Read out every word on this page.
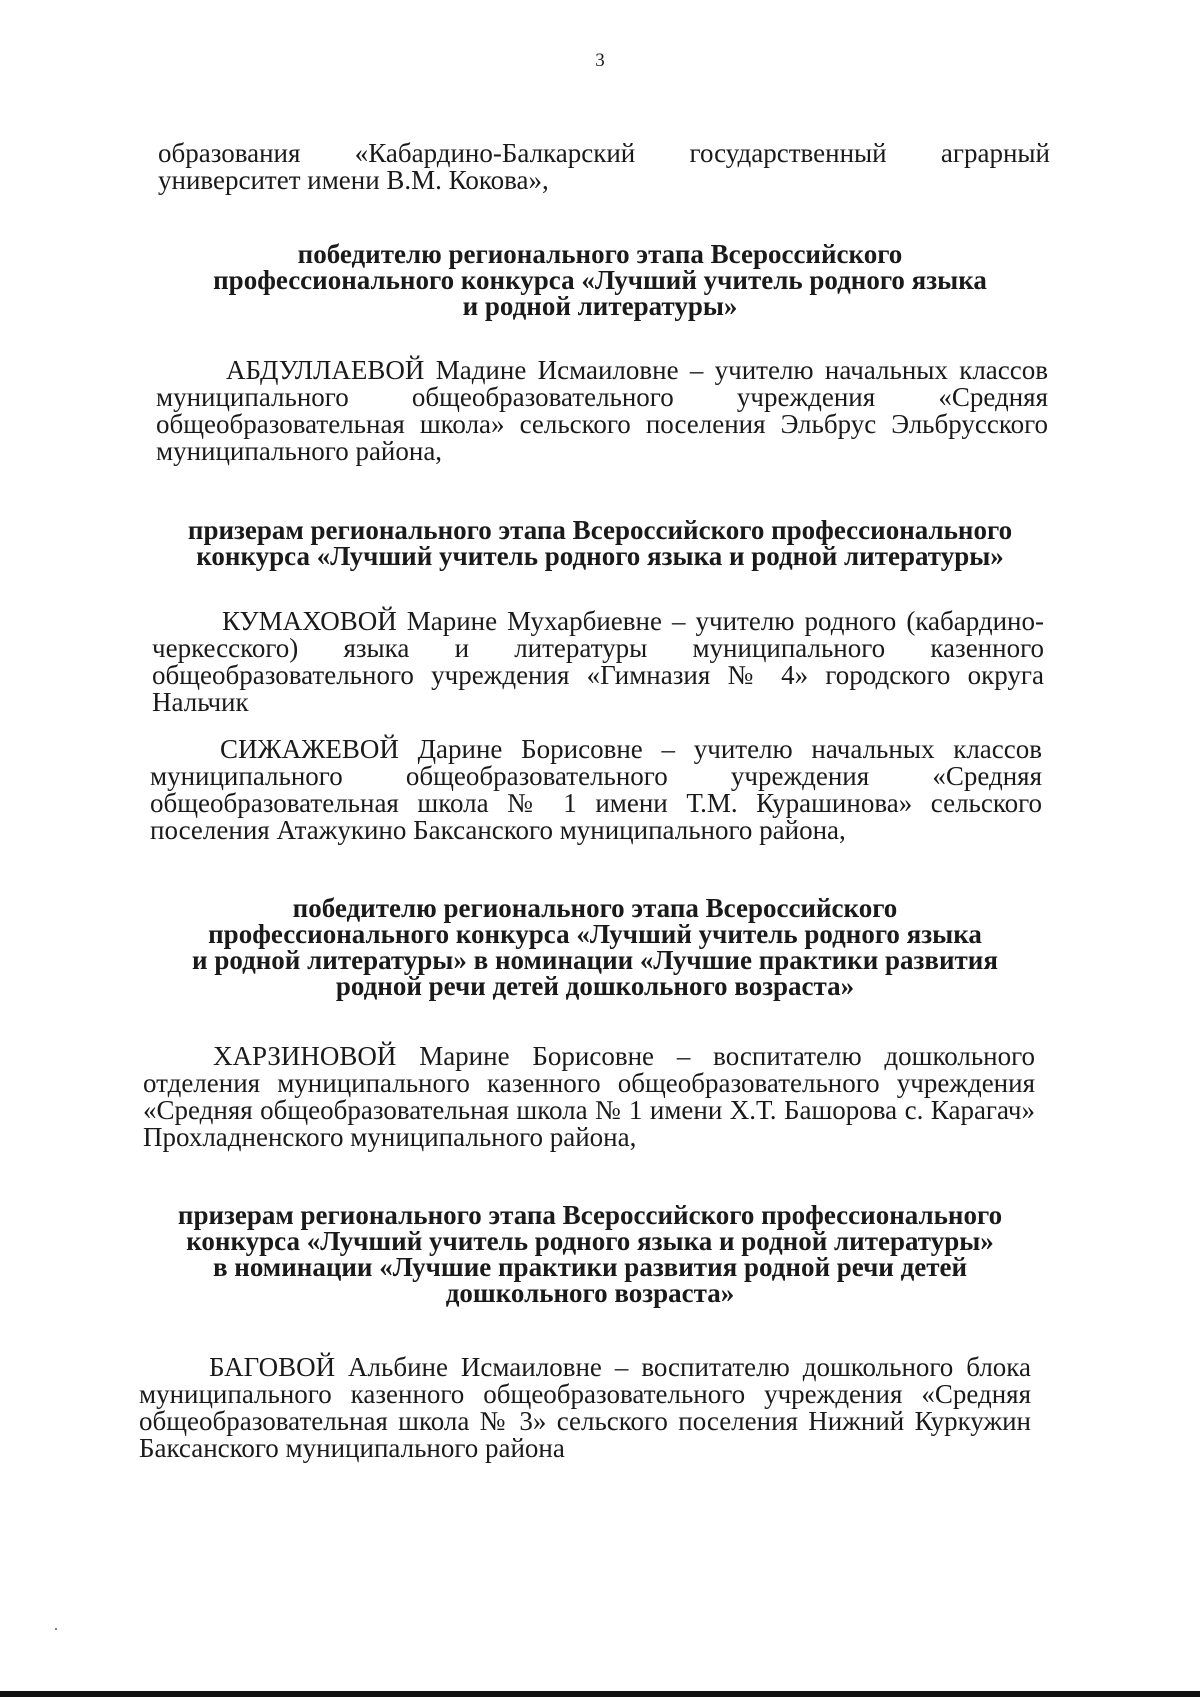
3

образования «Кабардино-Балкарский государственный аграрный университет имени В.М. Кокова»,

победителю регионального этапа Всероссийского
профессионального конкурса «Лучший учитель родного языка
и родной литературы»

АБДУЛЛАЕВОЙ Мадине Исмаиловне – учителю начальных классов муниципального общеобразовательного учреждения «Средняя общеобразовательная школа» сельского поселения Эльбрус Эльбрусского муниципального района,

призерам регионального этапа Всероссийского профессионального
конкурса «Лучший учитель родного языка и родной литературы»

КУМАХОВОЙ Марине Мухарбиевне – учителю родного (кабардино-черкесского) языка и литературы муниципального казенного общеобразовательного учреждения «Гимназия № 4» городского округа Нальчик

СИЖАЖЕВОЙ Дарине Борисовне – учителю начальных классов муниципального общеобразовательного учреждения «Средняя общеобразовательная школа № 1 имени Т.М. Курашинова» сельского поселения Атажукино Баксанского муниципального района,

победителю регионального этапа Всероссийского
профессионального конкурса «Лучший учитель родного языка
и родной литературы» в номинации «Лучшие практики развития
родной речи детей дошкольного возраста»

ХАРЗИНОВОЙ Марине Борисовне – воспитателю дошкольного отделения муниципального казенного общеобразовательного учреждения «Средняя общеобразовательная школа № 1 имени Х.Т. Башорова с. Карагач» Прохладненского муниципального района,

призерам регионального этапа Всероссийского профессионального
конкурса «Лучший учитель родного языка и родной литературы»
в номинации «Лучшие практики развития родной речи детей
дошкольного возраста»

БАГОВОЙ Альбине Исмаиловне – воспитателю дошкольного блока муниципального казенного общеобразовательного учреждения «Средняя общеобразовательная школа № 3» сельского поселения Нижний Куркужин Баксанского муниципального района
